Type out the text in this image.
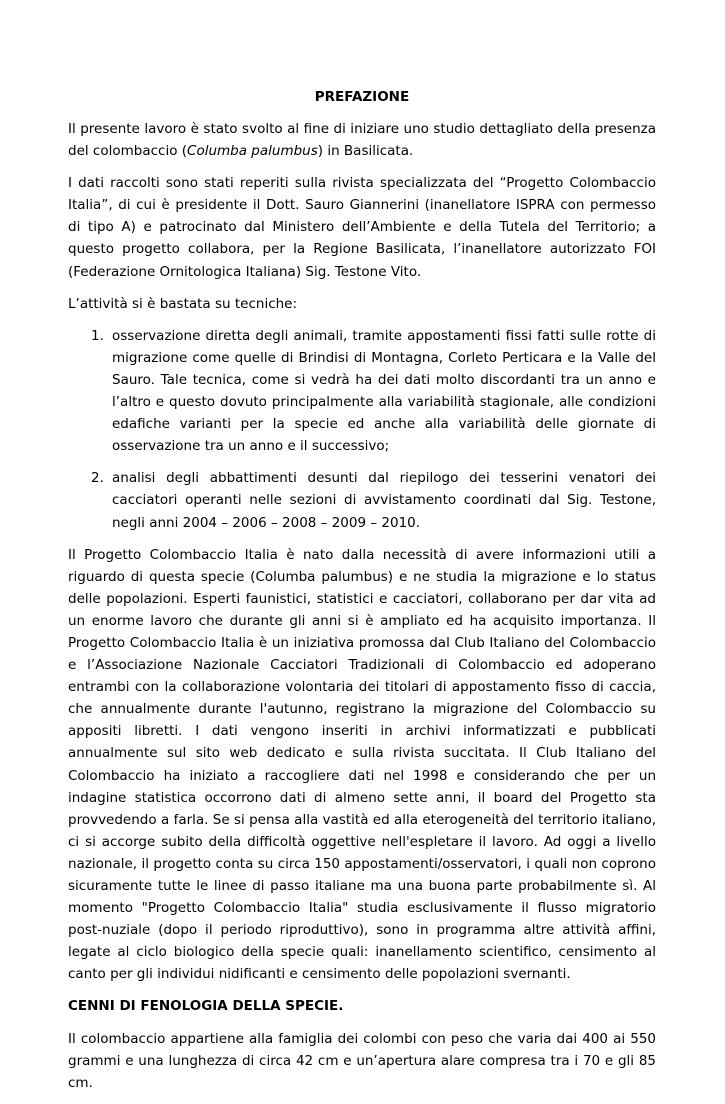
PREFAZIONE

Il presente lavoro è stato svolto al fine di iniziare uno studio dettagliato della presenza del colombaccio (Columba palumbus) in Basilicata.

I dati raccolti sono stati reperiti sulla rivista specializzata del “Progetto Colombaccio Italia”, di cui è presidente il Dott. Sauro Giannerini (inanellatore ISPRA con permesso di tipo A) e patrocinato dal Ministero dell’Ambiente e della Tutela del Territorio; a questo progetto collabora, per la Regione Basilicata, l’inanellatore autorizzato FOI (Federazione Ornitologica Italiana) Sig. Testone Vito.

L’attività si è bastata su tecniche:

1. osservazione diretta degli animali, tramite appostamenti fissi fatti sulle rotte di migrazione come quelle di Brindisi di Montagna, Corleto Perticara e la Valle del Sauro. Tale tecnica, come si vedrà ha dei dati molto discordanti tra un anno e l’altro e questo dovuto principalmente alla variabilità stagionale, alle condizioni edafiche varianti per la specie ed anche alla variabilità delle giornate di osservazione tra un anno e il successivo;
2. analisi degli abbattimenti desunti dal riepilogo dei tesserini venatori dei cacciatori operanti nelle sezioni di avvistamento coordinati dal Sig. Testone, negli anni 2004 – 2006 – 2008 – 2009 – 2010.

Il Progetto Colombaccio Italia è nato dalla necessità di avere informazioni utili a riguardo di questa specie (Columba palumbus) e ne studia la migrazione e lo status delle popolazioni. Esperti faunistici, statistici e cacciatori, collaborano per dar vita ad un enorme lavoro che durante gli anni si è ampliato ed ha acquisito importanza. Il Progetto Colombaccio Italia è un iniziativa promossa dal Club Italiano del Colombaccio e l’Associazione Nazionale Cacciatori Tradizionali di Colombaccio ed adoperano entrambi con la collaborazione volontaria dei titolari di appostamento fisso di caccia, che annualmente durante l'autunno, registrano la migrazione del Colombaccio su appositi libretti. I dati vengono inseriti in archivi informatizzati e pubblicati annualmente sul sito web dedicato e sulla rivista succitata. Il Club Italiano del Colombaccio ha iniziato a raccogliere dati nel 1998 e considerando che per un indagine statistica occorrono dati di almeno sette anni, il board del Progetto sta provvedendo a farla. Se si pensa alla vastità ed alla eterogeneità del territorio italiano, ci si accorge subito della difficoltà oggettive nell'espletare il lavoro. Ad oggi a livello nazionale, il progetto conta su circa 150 appostamenti/osservatori, i quali non coprono sicuramente tutte le linee di passo italiane ma una buona parte probabilmente sì. Al momento "Progetto Colombaccio Italia" studia esclusivamente il flusso migratorio post-nuziale (dopo il periodo riproduttivo), sono in programma altre attività affini, legate al ciclo biologico della specie quali: inanellamento scientifico, censimento al canto per gli individui nidificanti e censimento delle popolazioni svernanti.

CENNI DI FENOLOGIA DELLA SPECIE.

Il colombaccio appartiene alla famiglia dei colombi con peso che varia dai 400 ai 550 grammi e una lunghezza di circa 42 cm e un’apertura alare compresa tra i 70 e gli 85 cm.
